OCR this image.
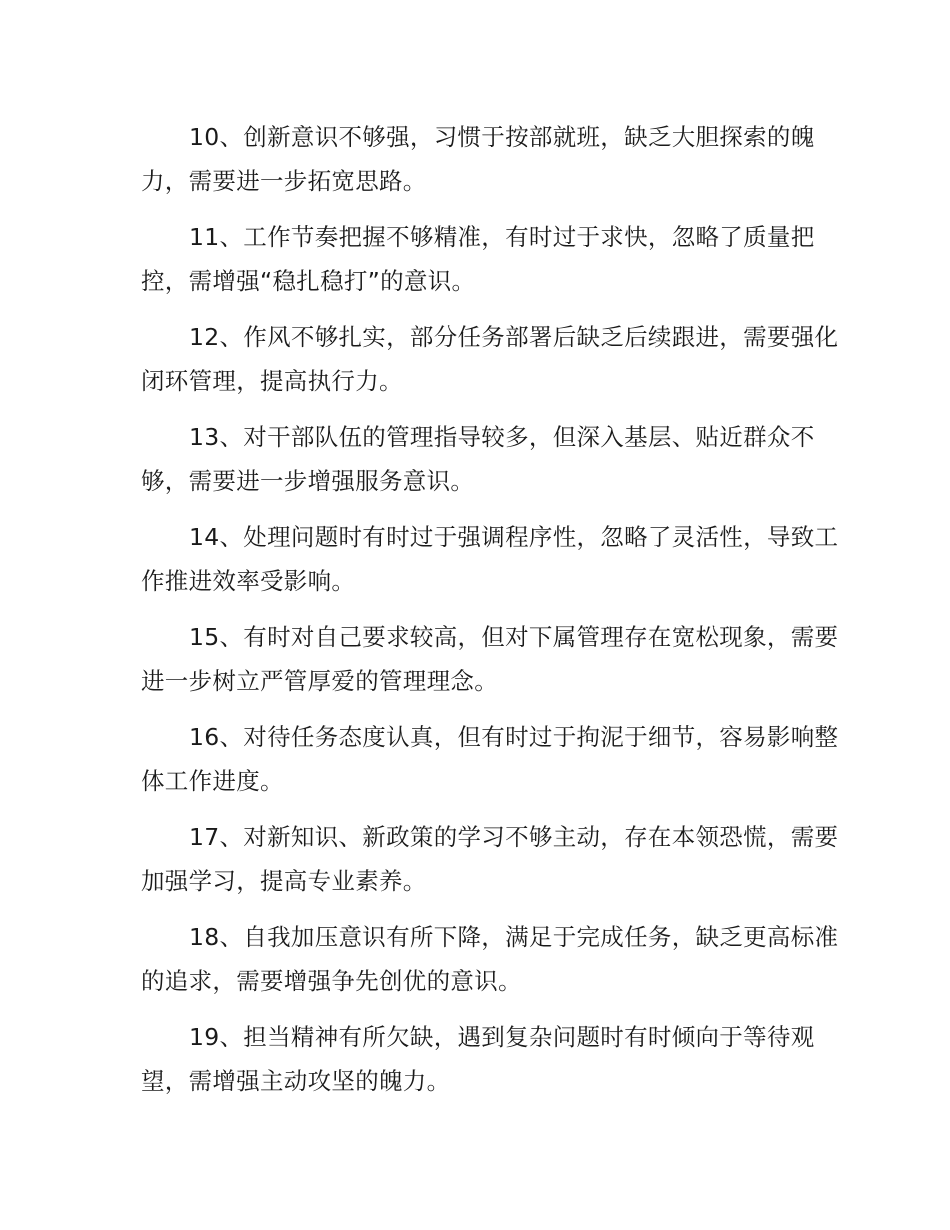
10、创新意识不够强，习惯于按部就班，缺乏大胆探索的魄力，需要进一步拓宽思路。

11、工作节奏把握不够精准，有时过于求快，忽略了质量把控，需增强“稳扎稳打”的意识。

12、作风不够扎实，部分任务部署后缺乏后续跟进，需要强化闭环管理，提高执行力。

13、对干部队伍的管理指导较多，但深入基层、贴近群众不够，需要进一步增强服务意识。

14、处理问题时有时过于强调程序性，忽略了灵活性，导致工作推进效率受影响。

15、有时对自己要求较高，但对下属管理存在宽松现象，需要进一步树立严管厚爱的管理理念。

16、对待任务态度认真，但有时过于拘泥于细节，容易影响整体工作进度。

17、对新知识、新政策的学习不够主动，存在本领恐慌，需要加强学习，提高专业素养。

18、自我加压意识有所下降，满足于完成任务，缺乏更高标准的追求，需要增强争先创优的意识。

19、担当精神有所欠缺，遇到复杂问题时有时倾向于等待观望，需增强主动攻坚的魄力。
